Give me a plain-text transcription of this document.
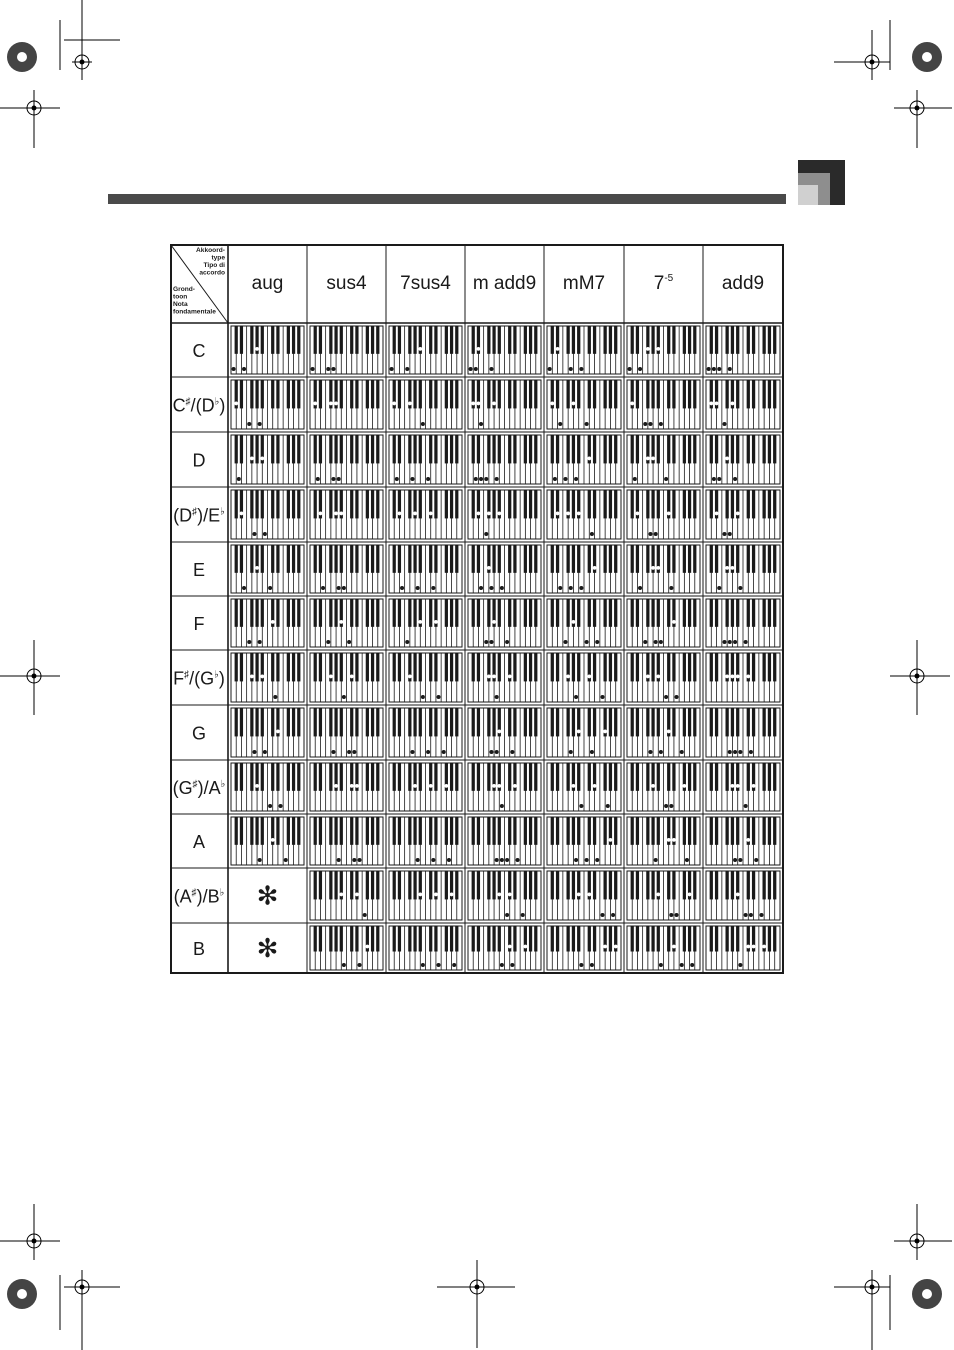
Akkoord-
type
Tipo di
accordo
Grond-
toon
Nota
fondamentale
aug sus4 7sus4 m add9 mM7	$7^{-5}$	add9
C
C♯/(D♭)
D
(D♯)/E♭
E
F
F♯/(G♭)
G
(G♯)/A♭
A
(A♯)/B♭
B
✻
✻
